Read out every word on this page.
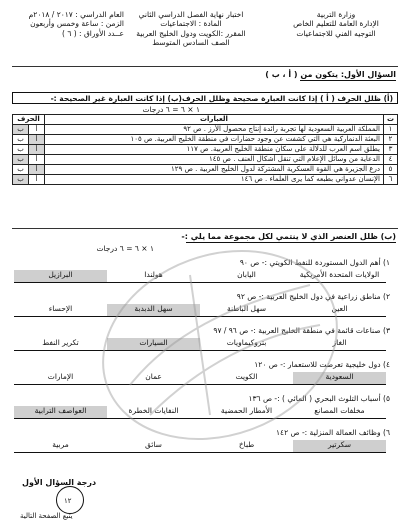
وزارة التربية
الإدارة العامة للتعليم الخاص
التوجيه الفني للاجتماعيات
اختبار نهاية الفصل الدراسي الثاني
المادة : الاجتماعيات
المقرر :الكويت ودول الخليج العربية
الصف السادس المتوسط
العام الدراسي : ٢٠١٧ / ٢٠١٨م
الزمن : ساعة وخمس وأربعون
عــدد الأوراق : ( ٦ )
السؤال الأول: يتكون من ( أ ، ب )
(أ) ظلل الحرف ( أ ) إذا كانت العبارة صحيحة وظلل الحرف(ب) إذا كانت العبارة غير الصحيحة :-
١ × ٦ = ٦ درجات
ت	العبارات	الحرف	
١	المملكة العربية السعودية لها تجربة رائدة إنتاج محصول الأرز . ص ٩٢	أ	ب
٢	البعثة الدنماركية هي التي كشفت عن وجود حضارات في منطقة الخليج العربية. ص ١٠٥	أ	ب
٣	يطلق اسم العرب للدلالة على سكان منطقة الخليج العربية. ص ١١٧	أ	ب
٤	الدعاية من وسائل الإعلام التي تنقل أشكال العنف . ص ١٤٥	أ	ب
٥	درع الجزيرة هي القوة العسكرية المشتركة لدول الخليج العربية . ص ١٢٩	أ	ب
٦	الإنسان عدواني بطبعه كما يرى العلماء . ص ١٤٦	أ	ب
(ب) ظلل العنصر الذي لا ينتمي لكل مجموعة مما يلي :-
١ × ٦ = ٦ درجات
١) أهم الدول المستوردة للنفط الكويتي :- ص ٩٠
الولايات المتحدة الأمريكية
اليابان
هولندا
البرازيل
٢) مناطق زراعية في دول الخليج العربية :- ص ٩٢
العين
سهل الباطنة
سهل الدبدبة
الإحساء
٣) صناعات قائمة في منطقة الخليج العربية :- ص ٩٦ / ٩٧
الغاز
بتروكيماويات
السيارات
تكرير النفط
٤) دول خليجية تعرضت للاستعمار :- ص ١٢٠
السعودية
الكويت
عمان
الإمارات
٥) أسباب التلوث البحري ( المائي ) :- ص ١٣٦
مخلفات المصانع
الأمطار الحمضية
النفايات الخطرة
العواصف الترابية
٦) وظائف العمالة المنزلية :- ص ١٤٢
سكرتير
طباخ
سائق
مربية
درجة السؤال الأول
١٢
يتبع الصفحة التالية
